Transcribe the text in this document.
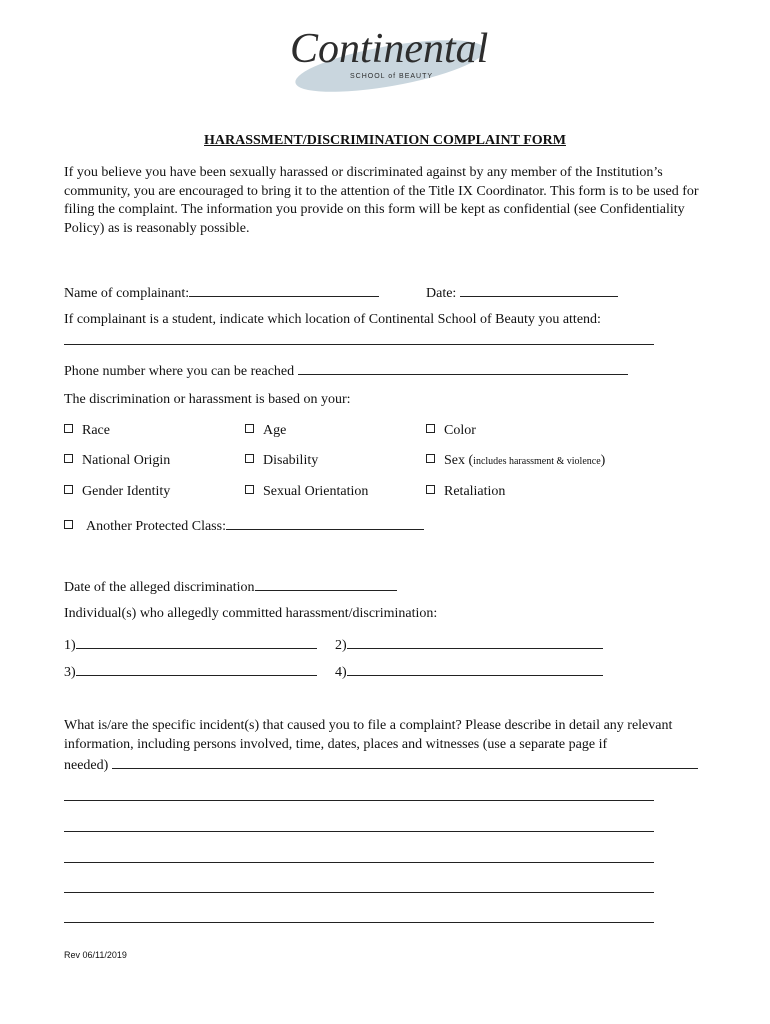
Continental
SCHOOL of BEAUTY
HARASSMENT/DISCRIMINATION COMPLAINT FORM
If you believe you have been sexually harassed or discriminated against by any member of the Institution’s community, you are encouraged to bring it to the attention of the Title IX Coordinator. This form is to be used for filing the complaint. The information you provide on this form will be kept as confidential (see Confidentiality Policy) as is reasonably possible.
Name of complainant:	Date:
If complainant is a student, indicate which location of Continental School of Beauty you attend:
Phone number where you can be reached
The discrimination or harassment is based on your:
Race	Age	Color
National Origin	Disability	Sex (includes harassment & violence)
Gender Identity	Sexual Orientation	Retaliation
Another Protected Class:
Date of the alleged discrimination
Individual(s) who allegedly committed harassment/discrimination:
1)	2)
3)	4)
What is/are the specific incident(s) that caused you to file a complaint? Please describe in detail any relevant information, including persons involved, time, dates, places and witnesses (use a separate page if
needed)
Rev 06/11/2019
